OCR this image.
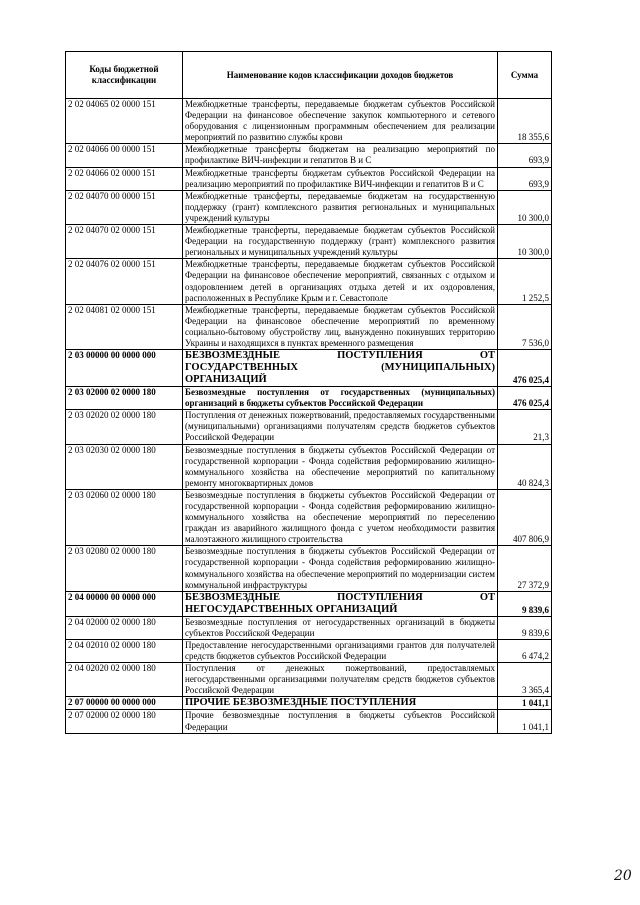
Коды бюджетной классификации	Наименование кодов классификации доходов бюджетов	Сумма
2 02 04065 02 0000 151	Межбюджетные трансферты, передаваемые бюджетам субъектов Российской Федерации на финансовое обеспечение закупок компьютерного и сетевого оборудования с лицензионным программным обеспечением для реализации мероприятий по развитию службы крови	18 355,6
2 02 04066 00 0000 151	Межбюджетные трансферты бюджетам на реализацию мероприятий по профилактике ВИЧ-инфекции и гепатитов В и С	693,9
2 02 04066 02 0000 151	Межбюджетные трансферты бюджетам субъектов Российской Федерации на реализацию мероприятий по профилактике ВИЧ-инфекции и гепатитов В и С	693,9
2 02 04070 00 0000 151	Межбюджетные трансферты, передаваемые бюджетам на государственную поддержку (грант) комплексного развития региональных и муниципальных учреждений культуры	10 300,0
2 02 04070 02 0000 151	Межбюджетные трансферты, передаваемые бюджетам субъектов Российской Федерации на государственную поддержку (грант) комплексного развития региональных и муниципальных учреждений культуры	10 300,0
2 02 04076 02 0000 151	Межбюджетные трансферты, передаваемые бюджетам субъектов Российской Федерации на финансовое обеспечение мероприятий, связанных с отдыхом и оздоровлением детей в организациях отдыха детей и их оздоровления, расположенных в Республике Крым и г. Севастополе	1 252,5
2 02 04081 02 0000 151	Межбюджетные трансферты, передаваемые бюджетам субъектов Российской Федерации на финансовое обеспечение мероприятий по временному социально-бытовому обустройству лиц, вынужденно покинувших территорию Украины и находящихся в пунктах временного размещения	7 536,0
2 03 00000 00 0000 000	БЕЗВОЗМЕЗДНЫЕ ПОСТУПЛЕНИЯ ОТ ГОСУДАРСТВЕННЫХ (МУНИЦИПАЛЬНЫХ) ОРГАНИЗАЦИЙ	476 025,4
2 03 02000 02 0000 180	Безвозмездные поступления от государственных (муниципальных) организаций в бюджеты субъектов Российской Федерации	476 025,4
2 03 02020 02 0000 180	Поступления от денежных пожертвований, предоставляемых государственными (муниципальными) организациями получателям средств бюджетов субъектов Российской Федерации	21,3
2 03 02030 02 0000 180	Безвозмездные поступления в бюджеты субъектов Российской Федерации от государственной корпорации - Фонда содействия реформированию жилищно-коммунального хозяйства на обеспечение мероприятий по капитальному ремонту многоквартирных домов	40 824,3
2 03 02060 02 0000 180	Безвозмездные поступления в бюджеты субъектов Российской Федерации от государственной корпорации - Фонда содействия реформированию жилищно-коммунального хозяйства на обеспечение мероприятий по переселению граждан из аварийного жилищного фонда с учетом необходимости развития малоэтажного жилищного строительства	407 806,9
2 03 02080 02 0000 180	Безвозмездные поступления в бюджеты субъектов Российской Федерации от государственной корпорации - Фонда содействия реформированию жилищно-коммунального хозяйства на обеспечение мероприятий по модернизации систем коммунальной инфраструктуры	27 372,9
2 04 00000 00 0000 000	БЕЗВОЗМЕЗДНЫЕ ПОСТУПЛЕНИЯ ОТ НЕГОСУДАРСТВЕННЫХ ОРГАНИЗАЦИЙ	9 839,6
2 04 02000 02 0000 180	Безвозмездные поступления от негосударственных организаций в бюджеты субъектов Российской Федерации	9 839,6
2 04 02010 02 0000 180	Предоставление негосударственными организациями грантов для получателей средств бюджетов субъектов Российской Федерации	6 474,2
2 04 02020 02 0000 180	Поступления от денежных пожертвований, предоставляемых негосударственными организациями получателям средств бюджетов субъектов Российской Федерации	3 365,4
2 07 00000 00 0000 000	ПРОЧИЕ БЕЗВОЗМЕЗДНЫЕ ПОСТУПЛЕНИЯ	1 041,1
2 07 02000 02 0000 180	Прочие безвозмездные поступления в бюджеты субъектов Российской Федерации	1 041,1
20
